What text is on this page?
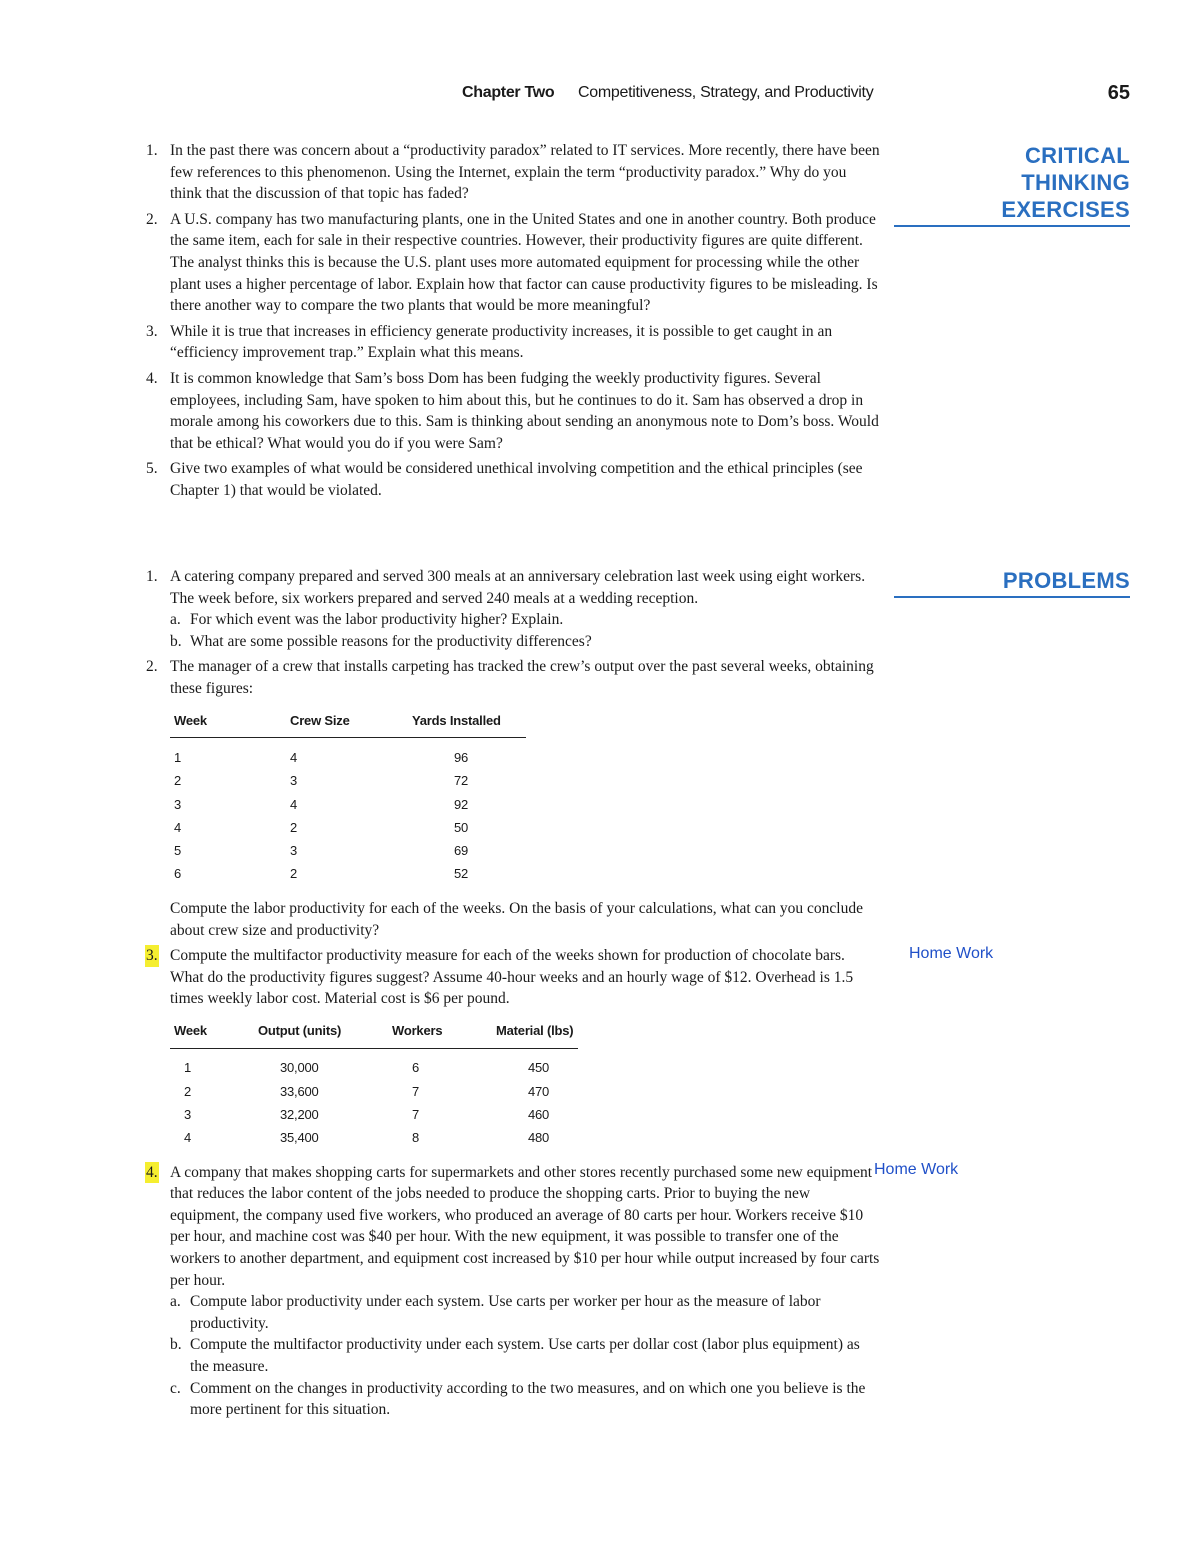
Chapter Two Competitiveness, Strategy, and Productivity	65
CRITICAL
THINKING
EXERCISES
1. In the past there was concern about a “productivity paradox” related to IT services. More recently, there have been few references to this phenomenon. Using the Internet, explain the term “productivity paradox.” Why do you think that the discussion of that topic has faded?
2. A U.S. company has two manufacturing plants, one in the United States and one in another country. Both produce the same item, each for sale in their respective countries. However, their productivity figures are quite different. The analyst thinks this is because the U.S. plant uses more automated equipment for processing while the other plant uses a higher percentage of labor. Explain how that factor can cause productivity figures to be misleading. Is there another way to compare the two plants that would be more meaningful?
3. While it is true that increases in efficiency generate productivity increases, it is possible to get caught in an “efficiency improvement trap.” Explain what this means.
4. It is common knowledge that Sam’s boss Dom has been fudging the weekly productivity figures. Several employees, including Sam, have spoken to him about this, but he continues to do it. Sam has observed a drop in morale among his coworkers due to this. Sam is thinking about sending an anonymous note to Dom’s boss. Would that be ethical? What would you do if you were Sam?
5. Give two examples of what would be considered unethical involving competition and the ethical principles (see Chapter 1) that would be violated.
PROBLEMS
Home Work
Home Work
1. A catering company prepared and served 300 meals at an anniversary celebration last week using eight workers. The week before, six workers prepared and served 240 meals at a wedding reception.
a. For which event was the labor productivity higher? Explain.
b. What are some possible reasons for the productivity differences?
2. The manager of a crew that installs carpeting has tracked the crew’s output over the past several weeks, obtaining these figures:
Week	Crew Size	Yards Installed
1	4	96
2	3	72
3	4	92
4	2	50
5	3	69
6	2	52
Compute the labor productivity for each of the weeks. On the basis of your calculations, what can you conclude about crew size and productivity?
3. Compute the multifactor productivity measure for each of the weeks shown for production of chocolate bars. What do the productivity figures suggest? Assume 40-hour weeks and an hourly wage of $12. Overhead is 1.5 times weekly labor cost. Material cost is $6 per pound.
Week	Output (units)	Workers	Material (lbs)
1	30,000	6	450
2	33,600	7	470
3	32,200	7	460
4	35,400	8	480
4. A company that makes shopping carts for supermarkets and other stores recently purchased some new equipment that reduces the labor content of the jobs needed to produce the shopping carts. Prior to buying the new equipment, the company used five workers, who produced an average of 80 carts per hour. Workers receive $10 per hour, and machine cost was $40 per hour. With the new equipment, it was possible to transfer one of the workers to another department, and equipment cost increased by $10 per hour while output increased by four carts per hour.
a. Compute labor productivity under each system. Use carts per worker per hour as the measure of labor productivity.
b. Compute the multifactor productivity under each system. Use carts per dollar cost (labor plus equipment) as the measure.
c. Comment on the changes in productivity according to the two measures, and on which one you believe is the more pertinent for this situation.
